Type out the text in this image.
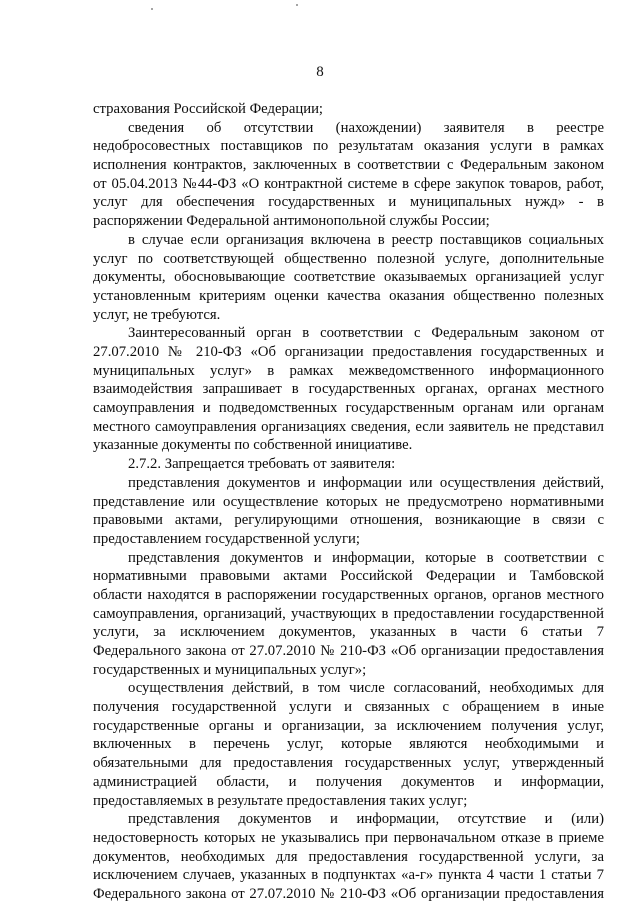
8
страхования Российской Федерации;
сведения об отсутствии (нахождении) заявителя в реестре
недобросовестных поставщиков по результатам оказания услуги в рамках
исполнения контрактов, заключенных в соответствии с Федеральным законом
от 05.04.2013 №44-ФЗ «О контрактной системе в сфере закупок товаров, работ,
услуг для обеспечения государственных и муниципальных нужд» - в
распоряжении Федеральной антимонопольной службы России;
в случае если организация включена в реестр поставщиков социальных
услуг по соответствующей общественно полезной услуге, дополнительные
документы, обосновывающие соответствие оказываемых организацией услуг
установленным критериям оценки качества оказания общественно полезных
услуг, не требуются.
Заинтересованный орган в соответствии с Федеральным законом от
27.07.2010 № 210-ФЗ «Об организации предоставления государственных и
муниципальных услуг» в рамках межведомственного информационного
взаимодействия запрашивает в государственных органах, органах местного
самоуправления и подведомственных государственным органам или органам
местного самоуправления организациях сведения, если заявитель не представил
указанные документы по собственной инициативе.
2.7.2. Запрещается требовать от заявителя:
представления документов и информации или осуществления действий,
представление или осуществление которых не предусмотрено нормативными
правовыми актами, регулирующими отношения, возникающие в связи с
предоставлением государственной услуги;
представления документов и информации, которые в соответствии с
нормативными правовыми актами Российской Федерации и Тамбовской
области находятся в распоряжении государственных органов, органов местного
самоуправления, организаций, участвующих в предоставлении государственной
услуги, за исключением документов, указанных в части 6 статьи 7
Федерального закона от 27.07.2010 № 210-ФЗ «Об организации предоставления
государственных и муниципальных услуг»;
осуществления действий, в том числе согласований, необходимых для
получения государственной услуги и связанных с обращением в иные
государственные органы и организации, за исключением получения услуг,
включенных в перечень услуг, которые являются необходимыми и
обязательными для предоставления государственных услуг, утвержденный
администрацией области, и получения документов и информации,
предоставляемых в результате предоставления таких услуг;
представления документов и информации, отсутствие и (или)
недостоверность которых не указывались при первоначальном отказе в приеме
документов, необходимых для предоставления государственной услуги, за
исключением случаев, указанных в подпунктах «а-г» пункта 4 части 1 статьи 7
Федерального закона от 27.07.2010 № 210-ФЗ «Об организации предоставления
